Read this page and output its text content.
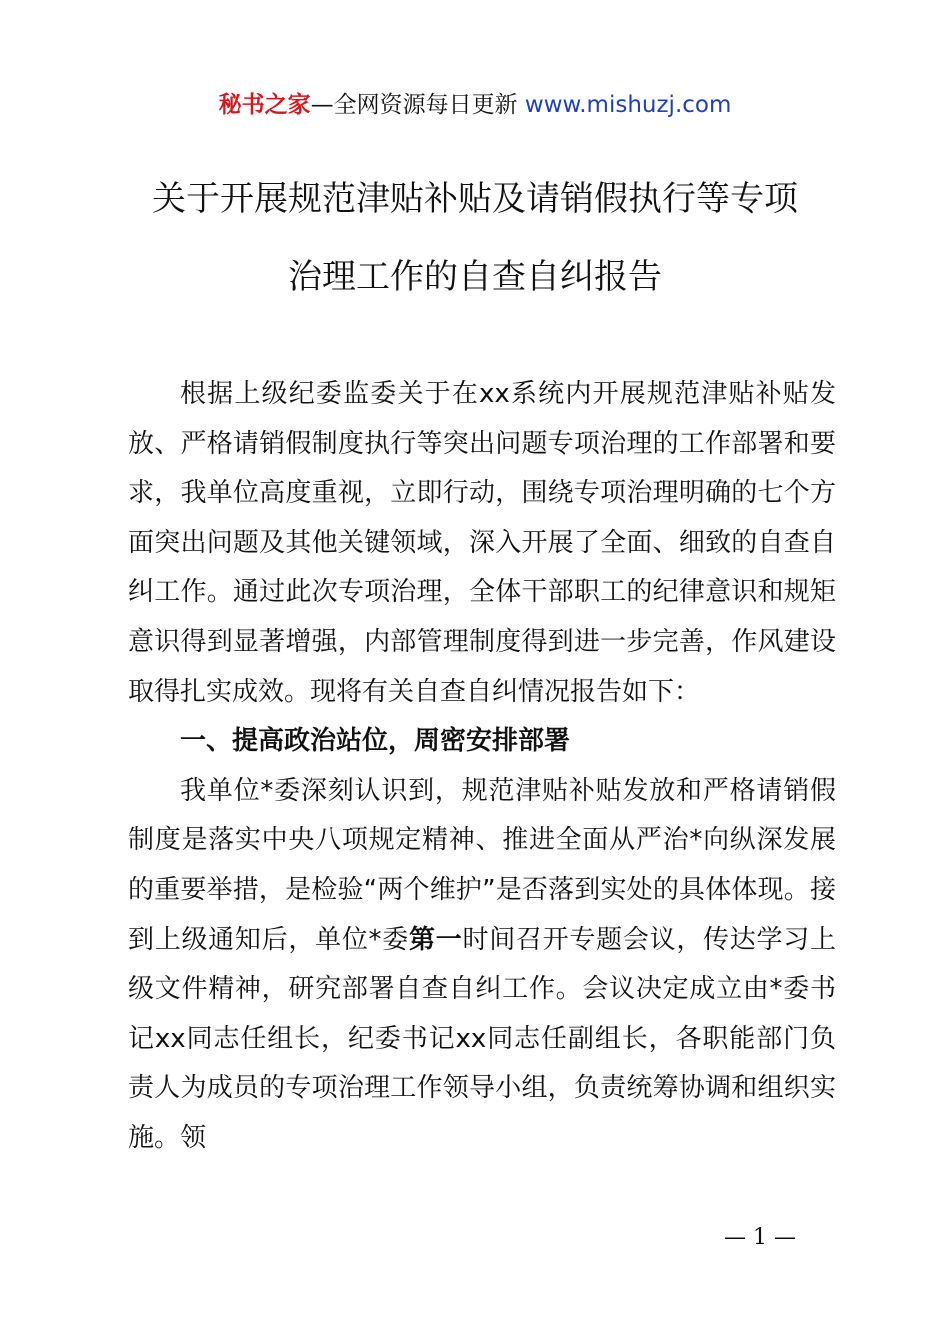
秘书之家—全网资源每日更新 www.mishuzj.com
关于开展规范津贴补贴及请销假执行等专项
治理工作的自查自纠报告

根据上级纪委监委关于在xx系统内开展规范津贴补贴发放、严格请销假制度执行等突出问题专项治理的工作部署和要求，我单位高度重视，立即行动，围绕专项治理明确的七个方面突出问题及其他关键领域，深入开展了全面、细致的自查自纠工作。通过此次专项治理，全体干部职工的纪律意识和规矩意识得到显著增强，内部管理制度得到进一步完善，作风建设取得扎实成效。现将有关自查自纠情况报告如下：

一、提高政治站位，周密安排部署

我单位*委深刻认识到，规范津贴补贴发放和严格请销假制度是落实中央八项规定精神、推进全面从严治*向纵深发展的重要举措，是检验“两个维护”是否落到实处的具体体现。接到上级通知后，单位*委第一时间召开专题会议，传达学习上级文件精神，研究部署自查自纠工作。会议决定成立由*委书记xx同志任组长，纪委书记xx同志任副组长，各职能部门负责人为成员的专项治理工作领导小组，负责统筹协调和组织实施。领

— 1 —
